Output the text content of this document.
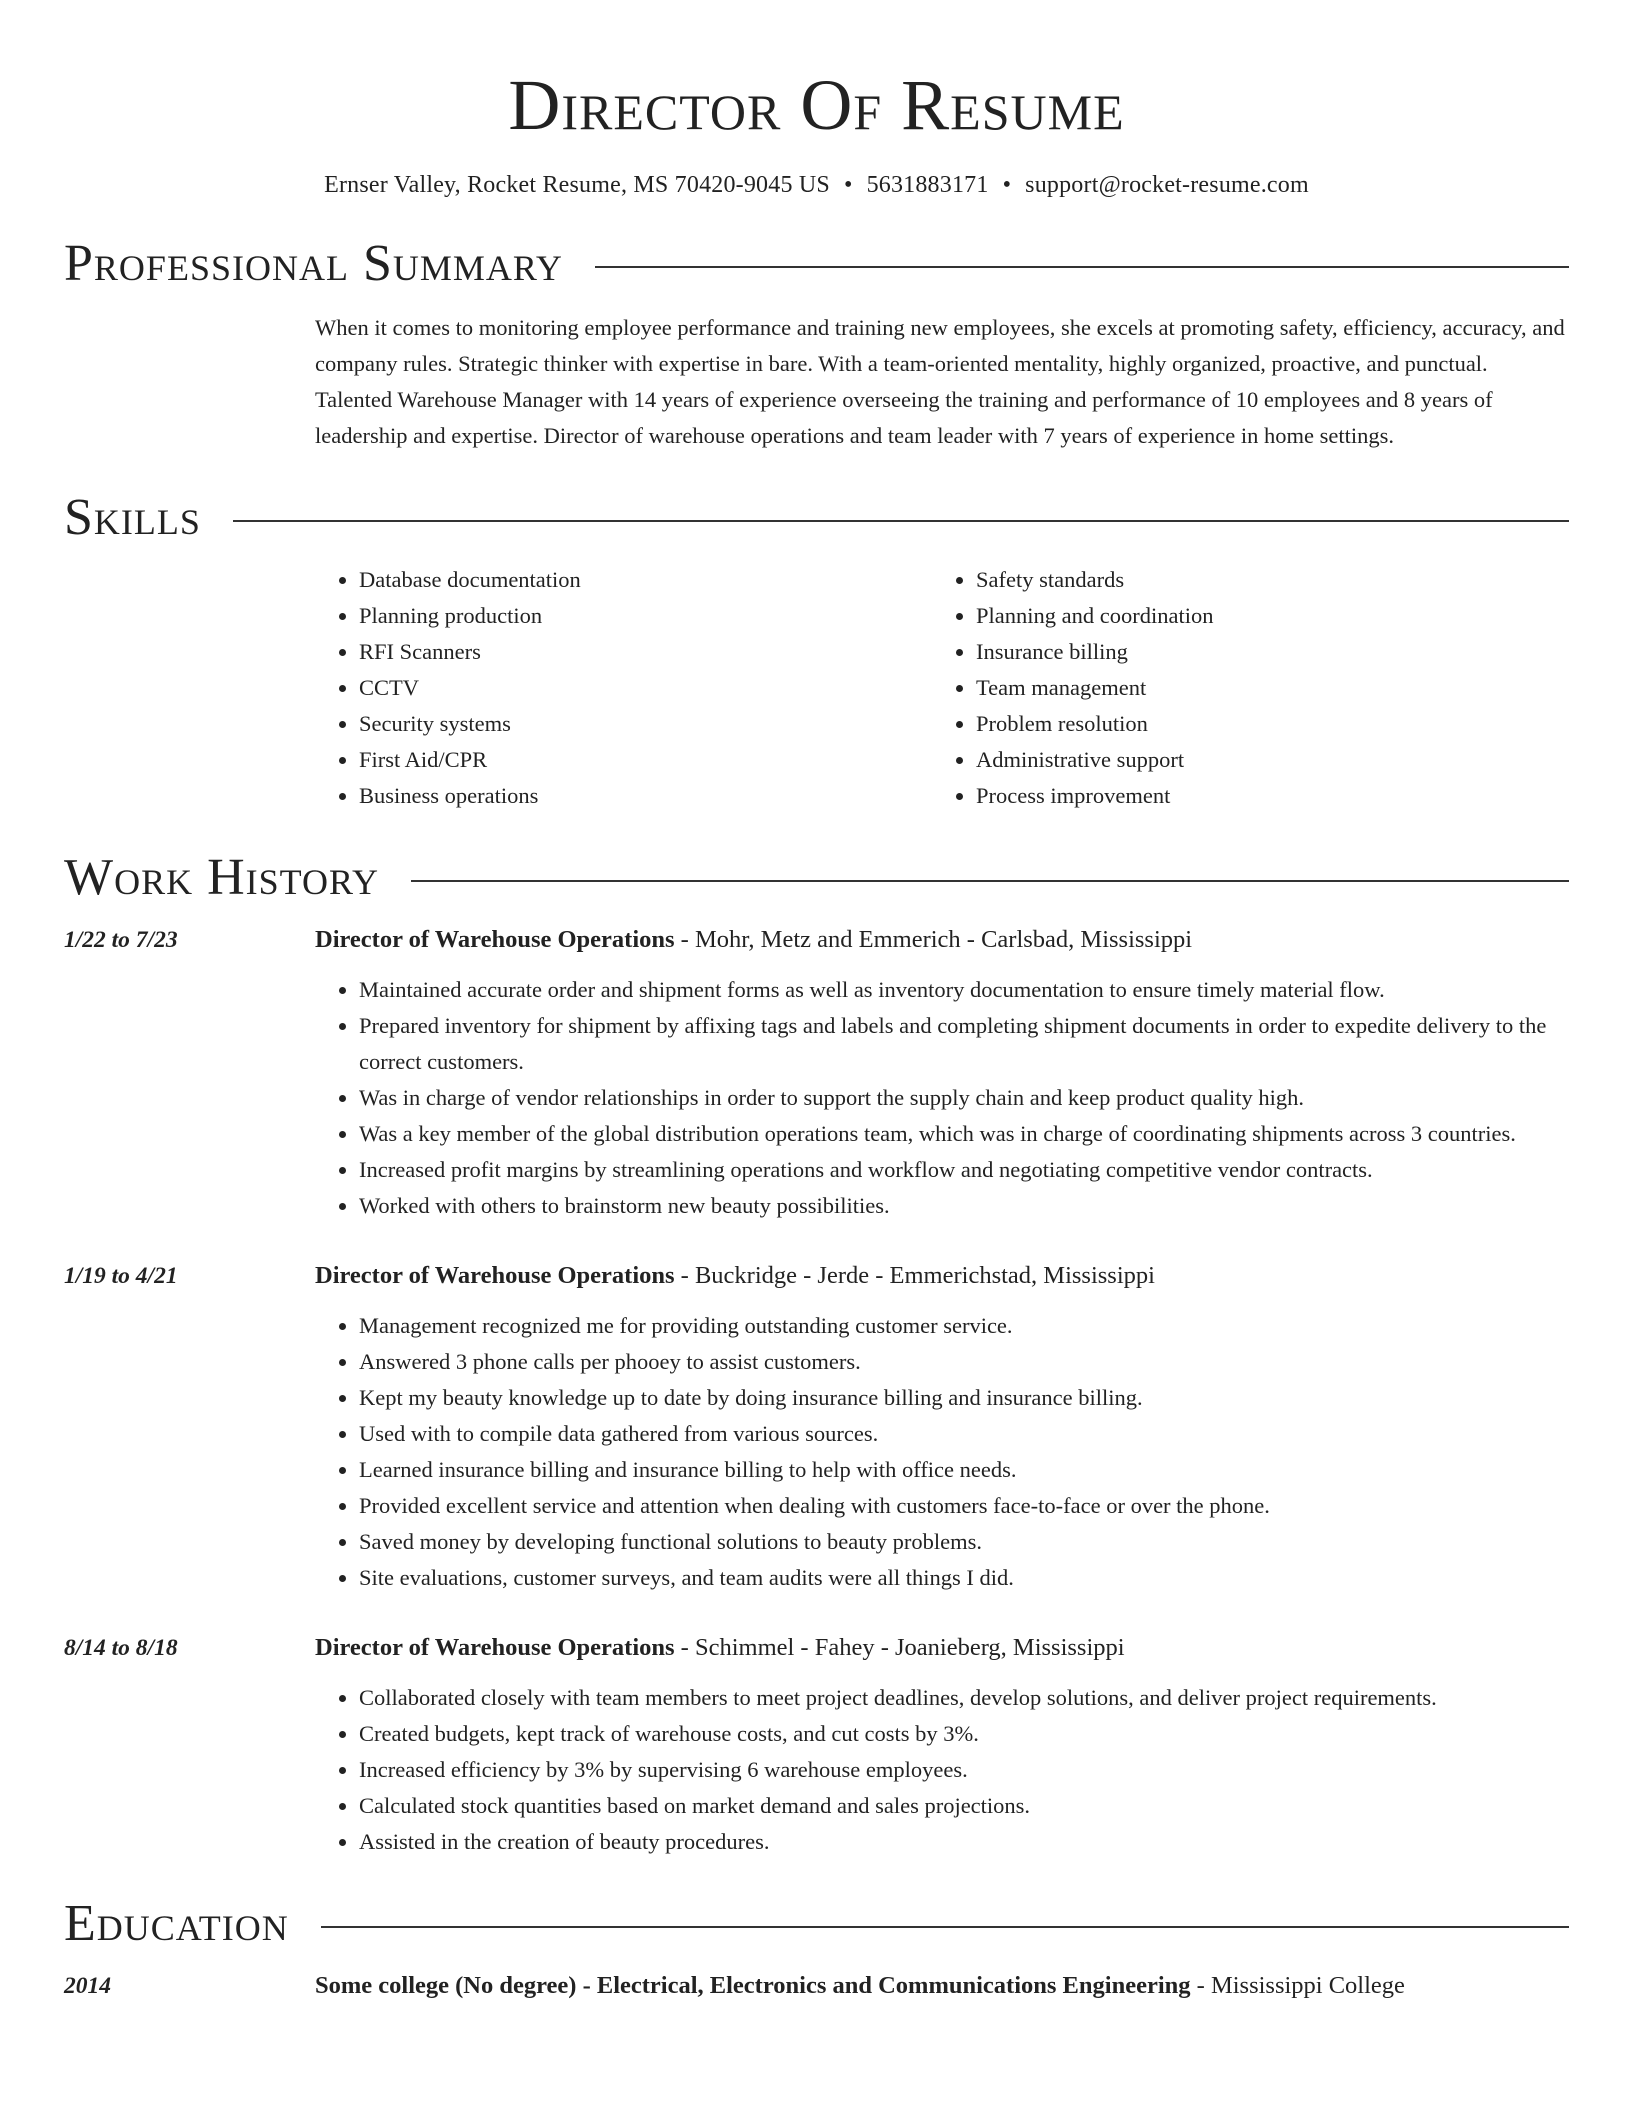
Director Of Resume
Ernser Valley, Rocket Resume, MS 70420-9045 US • 5631883171 • support@rocket-resume.com
Professional Summary
When it comes to monitoring employee performance and training new employees, she excels at promoting safety, efficiency, accuracy, and company rules. Strategic thinker with expertise in bare. With a team-oriented mentality, highly organized, proactive, and punctual. Talented Warehouse Manager with 14 years of experience overseeing the training and performance of 10 employees and 8 years of leadership and expertise. Director of warehouse operations and team leader with 7 years of experience in home settings.
Skills
• Database documentation
• Planning production
• RFI Scanners
• CCTV
• Security systems
• First Aid/CPR
• Business operations
• Safety standards
• Planning and coordination
• Insurance billing
• Team management
• Problem resolution
• Administrative support
• Process improvement
Work History
1/22 to 7/23	Director of Warehouse Operations - Mohr, Metz and Emmerich - Carlsbad, Mississippi
• Maintained accurate order and shipment forms as well as inventory documentation to ensure timely material flow.
• Prepared inventory for shipment by affixing tags and labels and completing shipment documents in order to expedite delivery to the correct customers.
• Was in charge of vendor relationships in order to support the supply chain and keep product quality high.
• Was a key member of the global distribution operations team, which was in charge of coordinating shipments across 3 countries.
• Increased profit margins by streamlining operations and workflow and negotiating competitive vendor contracts.
• Worked with others to brainstorm new beauty possibilities.
1/19 to 4/21	Director of Warehouse Operations - Buckridge - Jerde - Emmerichstad, Mississippi
• Management recognized me for providing outstanding customer service.
• Answered 3 phone calls per phooey to assist customers.
• Kept my beauty knowledge up to date by doing insurance billing and insurance billing.
• Used with to compile data gathered from various sources.
• Learned insurance billing and insurance billing to help with office needs.
• Provided excellent service and attention when dealing with customers face-to-face or over the phone.
• Saved money by developing functional solutions to beauty problems.
• Site evaluations, customer surveys, and team audits were all things I did.
8/14 to 8/18	Director of Warehouse Operations - Schimmel - Fahey - Joanieberg, Mississippi
• Collaborated closely with team members to meet project deadlines, develop solutions, and deliver project requirements.
• Created budgets, kept track of warehouse costs, and cut costs by 3%.
• Increased efficiency by 3% by supervising 6 warehouse employees.
• Calculated stock quantities based on market demand and sales projections.
• Assisted in the creation of beauty procedures.
Education
2014	Some college (No degree) - Electrical, Electronics and Communications Engineering - Mississippi College
